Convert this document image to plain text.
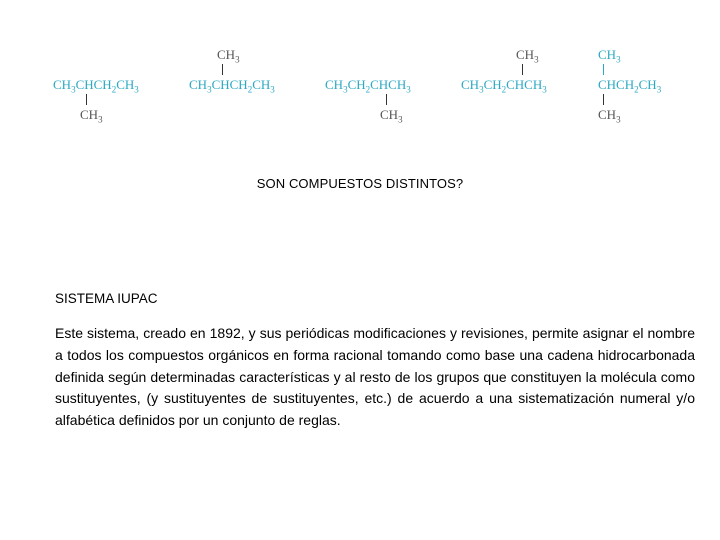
$CH_3CHCH_2CH_3$
$CH_3$
$CH_3$
$CH_3CHCH_2CH_3$	$CH_3CH_2CHCH_3$
$CH_3$
$CH_3$
$CH_3CH_2CHCH_3$
$CH_3$
$CHCH_2CH_3$
$CH_3$
SON COMPUESTOS DISTINTOS?
SISTEMA IUPAC
Este sistema, creado en 1892, y sus periódicas modificaciones y revisiones, permite asignar el nombre a todos los compuestos orgánicos en forma racional tomando como base una cadena hidrocarbonada definida según determinadas características y al resto de los grupos que constituyen la molécula como sustituyentes, (y sustituyentes de sustituyentes, etc.) de acuerdo a una sistematización numeral y/o alfabética definidos por un conjunto de reglas.
